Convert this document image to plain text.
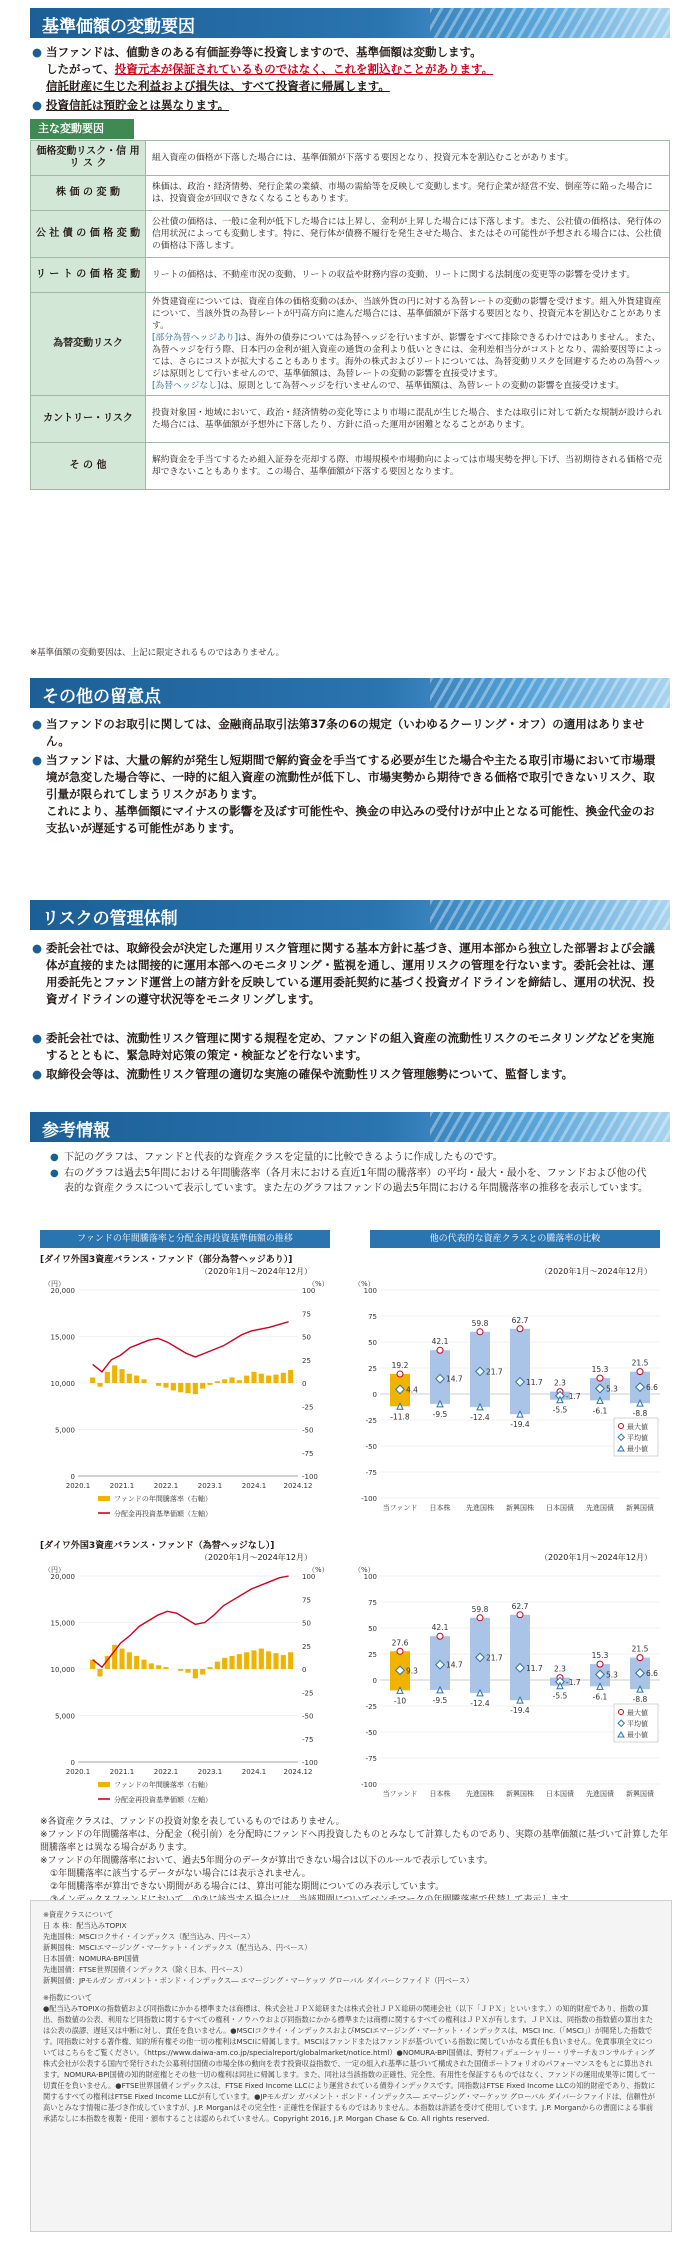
基準価額の変動要因
● 当ファンドは、値動きのある有価証券等に投資しますので、基準価額は変動します。
したがって、投資元本が保証されているものではなく、これを割込むことがあります。
信託財産に生じた利益および損失は、すべて投資者に帰属します。
● 投資信託は預貯金とは異なります。
主な変動要因
価格変動リスク・信 用 リ ス ク	組入資産の価格が下落した場合には、基準価額が下落する要因となり、投資元本を割込むことがあります。
株 価 の 変 動	株価は、政治・経済情勢、発行企業の業績、市場の需給等を反映して変動します。発行企業が経営不安、倒産等に陥った場合には、投資資金が回収できなくなることもあります。
公 社 債 の 価 格 変 動	公社債の価格は、一般に金利が低下した場合には上昇し、金利が上昇した場合には下落します。また、公社債の価格は、発行体の信用状況によっても変動します。特に、発行体が債務不履行を発生させた場合、またはその可能性が予想される場合には、公社債の価格は下落します。
リ ー ト の 価 格 変 動	リートの価格は、不動産市況の変動、リートの収益や財務内容の変動、リートに関する法制度の変更等の影響を受けます。
為替変動リスク	外貨建資産については、資産自体の価格変動のほか、当該外貨の円に対する為替レートの変動の影響を受けます。組入外貨建資産について、当該外貨の為替レートが円高方向に進んだ場合には、基準価額が下落する要因となり、投資元本を割込むことがあります。
[部分為替ヘッジあり]は、海外の債券については為替ヘッジを行いますが、影響をすべて排除できるわけではありません。また、為替ヘッジを行う際、日本円の金利が組入資産の通貨の金利より低いときには、金利差相当分がコストとなり、需給要因等によっては、さらにコストが拡大することもあります。海外の株式およびリートについては、為替変動リスクを回避するための為替ヘッジは原則として行いませんので、基準価額は、為替レートの変動の影響を直接受けます。
[為替ヘッジなし]は、原則として為替ヘッジを行いませんので、基準価額は、為替レートの変動の影響を直接受けます。
カントリー・リスク	投資対象国・地域において、政治・経済情勢の変化等により市場に混乱が生じた場合、または取引に対して新たな規制が設けられた場合には、基準価額が予想外に下落したり、方針に沿った運用が困難となることがあります。
そ の 他	解約資金を手当てするため組入証券を売却する際、市場規模や市場動向によっては市場実勢を押し下げ、当初期待される価格で売却できないこともあります。この場合、基準価額が下落する要因となります。
※基準価額の変動要因は、上記に限定されるものではありません。
その他の留意点
● 当ファンドのお取引に関しては、金融商品取引法第37条の6の規定（いわゆるクーリング・オフ）の適用はありません。
● 当ファンドは、大量の解約が発生し短期間で解約資金を手当てする必要が生じた場合や主たる取引市場において市場環境が急変した場合等に、一時的に組入資産の流動性が低下し、市場実勢から期待できる価格で取引できないリスク、取引量が限られてしまうリスクがあります。
これにより、基準価額にマイナスの影響を及ぼす可能性や、換金の申込みの受付けが中止となる可能性、換金代金のお支払いが遅延する可能性があります。
リスクの管理体制
● 委託会社では、取締役会が決定した運用リスク管理に関する基本方針に基づき、運用本部から独立した部署および会議体が直接的または間接的に運用本部へのモニタリング・監視を通し、運用リスクの管理を行ないます。委託会社は、運用委託先とファンド運営上の諸方針を反映している運用委託契約に基づく投資ガイドラインを締結し、運用の状況、投資ガイドラインの遵守状況等をモニタリングします。
● 委託会社では、流動性リスク管理に関する規程を定め、ファンドの組入資産の流動性リスクのモニタリングなどを実施するとともに、緊急時対応策の策定・検証などを行ないます。
● 取締役会等は、流動性リスク管理の適切な実施の確保や流動性リスク管理態勢について、監督します。
参考情報
● 下記のグラフは、ファンドと代表的な資産クラスを定量的に比較できるように作成したものです。
● 右のグラフは過去5年間における年間騰落率（各月末における直近1年間の騰落率）の平均・最大・最小を、ファンドおよび他の代表的な資産クラスについて表示しています。また左のグラフはファンドの過去5年間における年間騰落率の推移を表示しています。
ファンドの年間騰落率と分配金再投資基準価額の推移	他の代表的な資産クラスとの騰落率の比較
[ダイワ外国3資産バランス・ファンド（部分為替ヘッジあり）]
（2020年1月～2024年12月）	（2020年1月～2024年12月）
[ダイワ外国3資産バランス・ファンド（為替ヘッジなし）]
（2020年1月～2024年12月）	（2020年1月～2024年12月）
（円）	（%）
20,000
15,000
10,000
5,000
0
100
75
50
25
0
-25
-50
-75
-100
2020.1	2021.1	2022.1	2023.1	2024.1 2024.12
ファンドの年間騰落率（右軸）
分配金再投資基準価額（左軸）
（%）
100
75
50
25
0
-25
-50
-75
-100
19.2
4.4
-11.8
当ファンド
42.1
14.7
-9.5
日本株
59.8
21.7
-12.4
先進国株
62.7
11.7
-19.4
新興国株
2.3
-1.7
-5.5
日本国債
15.3
5.3
-6.1
先進国債
21.5
6.6
-8.8
新興国債
最大値
平均値
最小値
（円）	（%）
20,000
15,000
10,000
5,000
0
100
75
50
25
0
-25
-50
-75
-100
2020.1	2021.1	2022.1	2023.1	2024.1 2024.12
ファンドの年間騰落率（右軸）
分配金再投資基準価額（左軸）
（%）
100
75
50
25
0
-25
-50
-75
-100
27.6
9.3
-10
当ファンド
42.1
14.7
-9.5
日本株
59.8
21.7
-12.4
先進国株
62.7
11.7
-19.4
新興国株
2.3
-1.7
-5.5
日本国債
15.3
5.3
-6.1
先進国債
21.5
6.6
-8.8
新興国債
最大値
平均値
最小値
※各資産クラスは、ファンドの投資対象を表しているものではありません。
※ファンドの年間騰落率は、分配金（税引前）を分配時にファンドへ再投資したものとみなして計算したものであり、実際の基準価額に基づいて計算した年間騰落率とは異なる場合があります。
※ファンドの年間騰落率において、過去5年間分のデータが算出できない場合は以下のルールで表示しています。
①年間騰落率に該当するデータがない場合には表示されません。
②年間騰落率が算出できない期間がある場合には、算出可能な期間についてのみ表示しています。
※資産クラスについて
日 本 株：配当込みTOPIX
先進国株：MSCIコクサイ・インデックス（配当込み、円ベース）
新興国株：MSCIエマージング・マーケット・インデックス（配当込み、円ベース）
日本国債：NOMURA-BPI国債
先進国債：FTSE世界国債インデックス（除く日本、円ベース）
新興国債：JPモルガン ガバメント・ボンド・インデックス― エマージング・マーケッツ グローバル ダイバーシファイド（円ベース）
※指数について
●配当込みTOPIXの指数値および同指数にかかる標準または商標は、株式会社ＪＰＸ総研または株式会社ＪＰＸ総研の関連会社（以下「ＪＰＸ」といいます。）の知的財産であり、指数の算出、指数値の公表、利用など同指数に関するすべての権利・ノウハウおよび同指数にかかる標準または商標に関するすべての権利はＪＰＸが有します。ＪＰＸは、同指数の指数値の算出または公表の誤謬、遅延又は中断に対し、責任を負いません。●MSCIコクサイ・インデックスおよびMSCIエマージング・マーケット・インデックスは、MSCI Inc.（「MSCI」）が開発した指数です。同指数に対する著作権、知的所有権その他一切の権利はMSCIに帰属します。MSCIはファンドまたはファンドが基づいている指数に関していかなる責任も負いません。免責事項全文についてはこちらをご覧ください。（https://www.daiwa-am.co.jp/specialreport/globalmarket/notice.html）●NOMURA-BPI国債は、野村フィデューシャリー・リサーチ＆コンサルティング株式会社が公表する国内で発行された公募利付国債の市場全体の動向を表す投資収益指数で、一定の組入れ基準に基づいて構成された国債ポートフォリオのパフォーマンスをもとに算出されます。NOMURA-BPI国債の知的財産権とその他一切の権利は同社に帰属します。また、同社は当該指数の正確性、完全性、有用性を保証するものではなく、ファンドの運用成果等に関して一切責任を負いません。●FTSE世界国債インデックスは、FTSE Fixed Income LLCにより運営されている債券インデックスです。同指数はFTSE Fixed Income LLCの知的財産であり、指数に関するすべての権利はFTSE Fixed Income LLCが有しています。●JPモルガン ガバメント・ボンド・インデックス― エマージング・マーケッツ グローバル ダイバーシファイドは、信頼性が高いとみなす情報に基づき作成していますが、J.P. Morganはその完全性・正確性を保証するものではありません。本指数は許諾を受けて使用しています。J.P. Morganからの書面による事前承諾なしに本指数を複製・使用・頒布することは認められていません。Copyright 2016, J.P. Morgan Chase & Co. All rights reserved.
